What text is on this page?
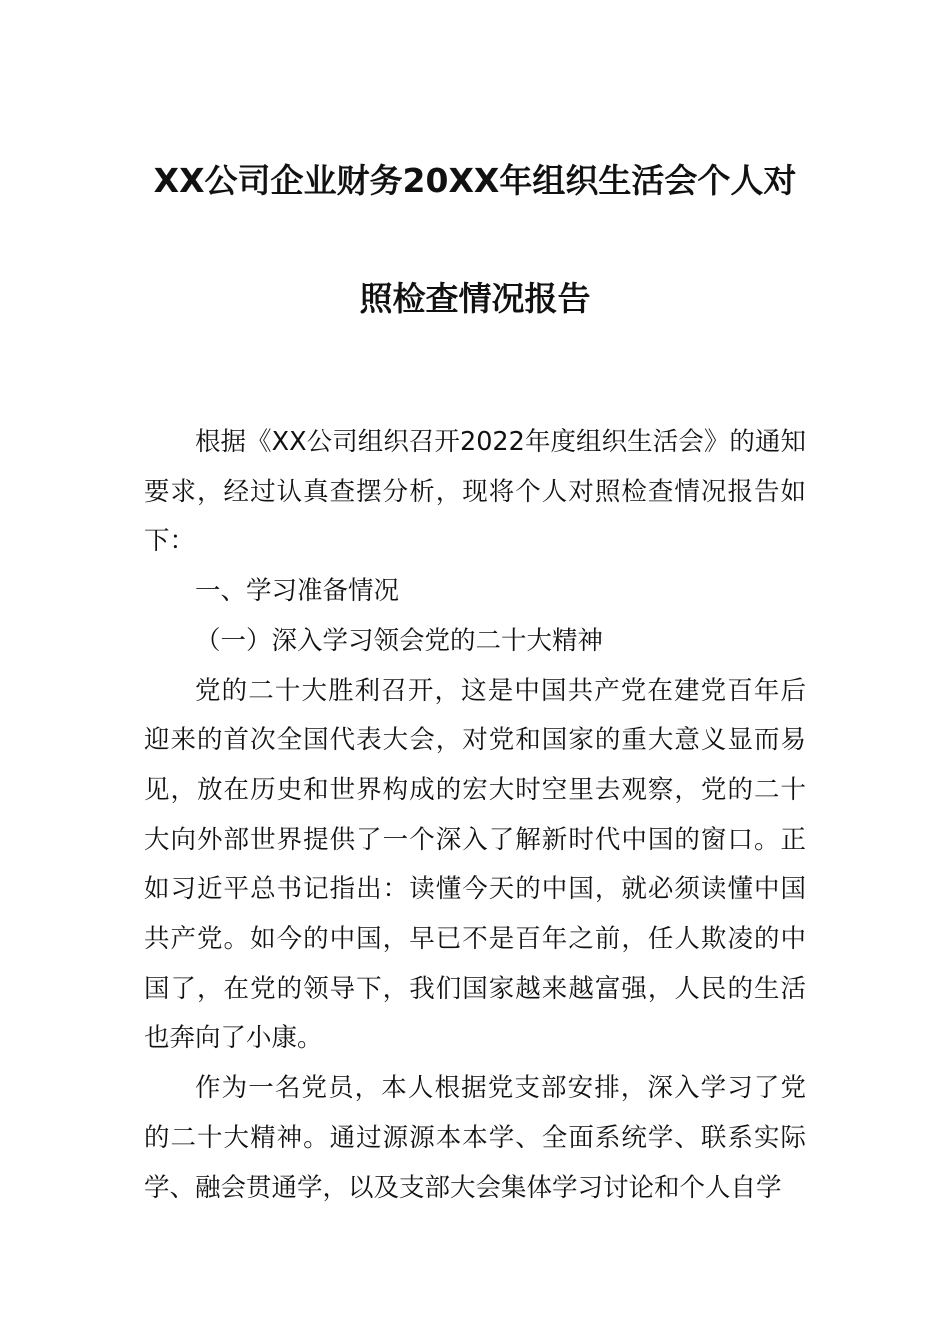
XX公司企业财务20XX年组织生活会个人对
照检查情况报告

根据《XX公司组织召开2022年度组织生活会》的通知要求，经过认真查摆分析，现将个人对照检查情况报告如下：

一、学习准备情况

（一）深入学习领会党的二十大精神

党的二十大胜利召开，这是中国共产党在建党百年后迎来的首次全国代表大会，对党和国家的重大意义显而易见，放在历史和世界构成的宏大时空里去观察，党的二十大向外部世界提供了一个深入了解新时代中国的窗口。正如习近平总书记指出：读懂今天的中国，就必须读懂中国共产党。如今的中国，早已不是百年之前，任人欺凌的中国了，在党的领导下，我们国家越来越富强，人民的生活也奔向了小康。

作为一名党员，本人根据党支部安排，深入学习了党的二十大精神。通过源源本本学、全面系统学、联系实际学、融会贯通学，以及支部大会集体学习讨论和个人自学
